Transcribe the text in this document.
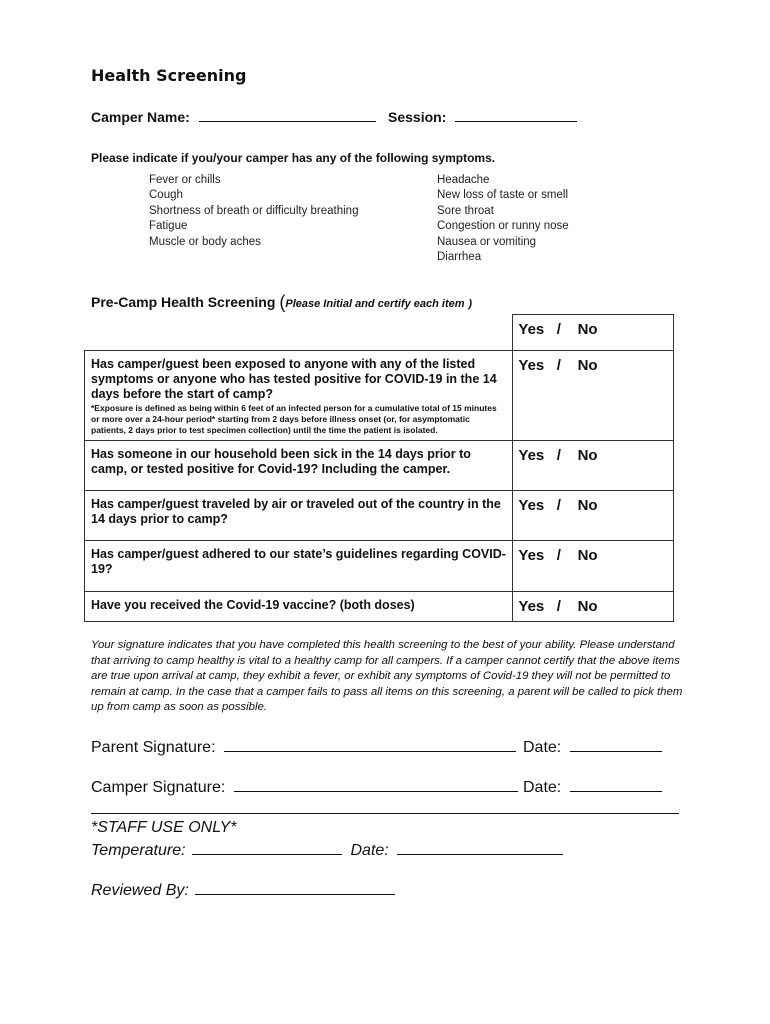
Health Screening
Camper Name:	Session:
Please indicate if you/your camper has any of the following symptoms.
Fever or chills
Cough
Shortness of breath or difficulty breathing
Fatigue
Muscle or body aches
Headache
New loss of taste or smell
Sore throat
Congestion or runny nose
Nausea or vomiting
Diarrhea
Pre-Camp Health Screening (Please Initial and certify each item )
	Yes   /    No
Has camper/guest been exposed to anyone with any of the listed symptoms or anyone who has tested positive for COVID-19 in the 14 days before the start of camp?
*Exposure is defined as being within 6 feet of an infected person for a cumulative total of 15 minutes or more over a 24-hour period* starting from 2 days before illness onset (or, for asymptomatic patients, 2 days prior to test specimen collection) until the time the patient is isolated.	Yes   /    No
Has someone in our household been sick in the 14 days prior to camp, or tested positive for Covid-19? Including the camper.	Yes   /    No
Has camper/guest traveled by air or traveled out of the country in the 14 days prior to camp?	Yes   /    No
Has camper/guest adhered to our state’s guidelines regarding COVID-19?	Yes   /    No
Have you received the Covid-19 vaccine? (both doses)	Yes   /    No
Your signature indicates that you have completed this health screening to the best of your ability. Please understand that arriving to camp healthy is vital to a healthy camp for all campers. If a camper cannot certify that the above items are true upon arrival at camp, they exhibit a fever, or exhibit any symptoms of Covid-19 they will not be permitted to remain at camp. In the case that a camper fails to pass all items on this screening, a parent will be called to pick them up from camp as soon as possible.
Parent Signature:	Date:
Camper Signature:	Date:
*STAFF USE ONLY*
Temperature:	Date:
Reviewed By:
